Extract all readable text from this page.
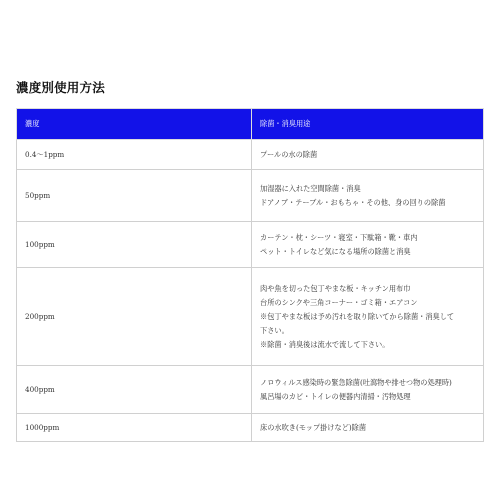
濃度別使用方法
濃度	除菌・消臭用途
0.4〜1ppm	プールの水の除菌

50ppm	加湿器に入れた空間除菌・消臭
ドアノブ・テーブル・おもちゃ・その他、身の回りの除菌

100ppm	カーテン・枕・シーツ・寝室・下駄箱・靴・車内
ペット・トイレなど気になる場所の除菌と消臭

200ppm	肉や魚を切った包丁やまな板・キッチン用布巾
台所のシンクや三角コーナー・ゴミ箱・エアコン
※包丁やまな板は予め汚れを取り除いてから除菌・消臭して
下さい。
※除菌・消臭後は流水で流して下さい。

400ppm	ノロウィルス感染時の緊急除菌(吐瀉物や排せつ物の処理時)
風呂場のカビ・トイレの便器内清掃・汚物処理

1000ppm	床の水吹き(モップ掛けなど)除菌
